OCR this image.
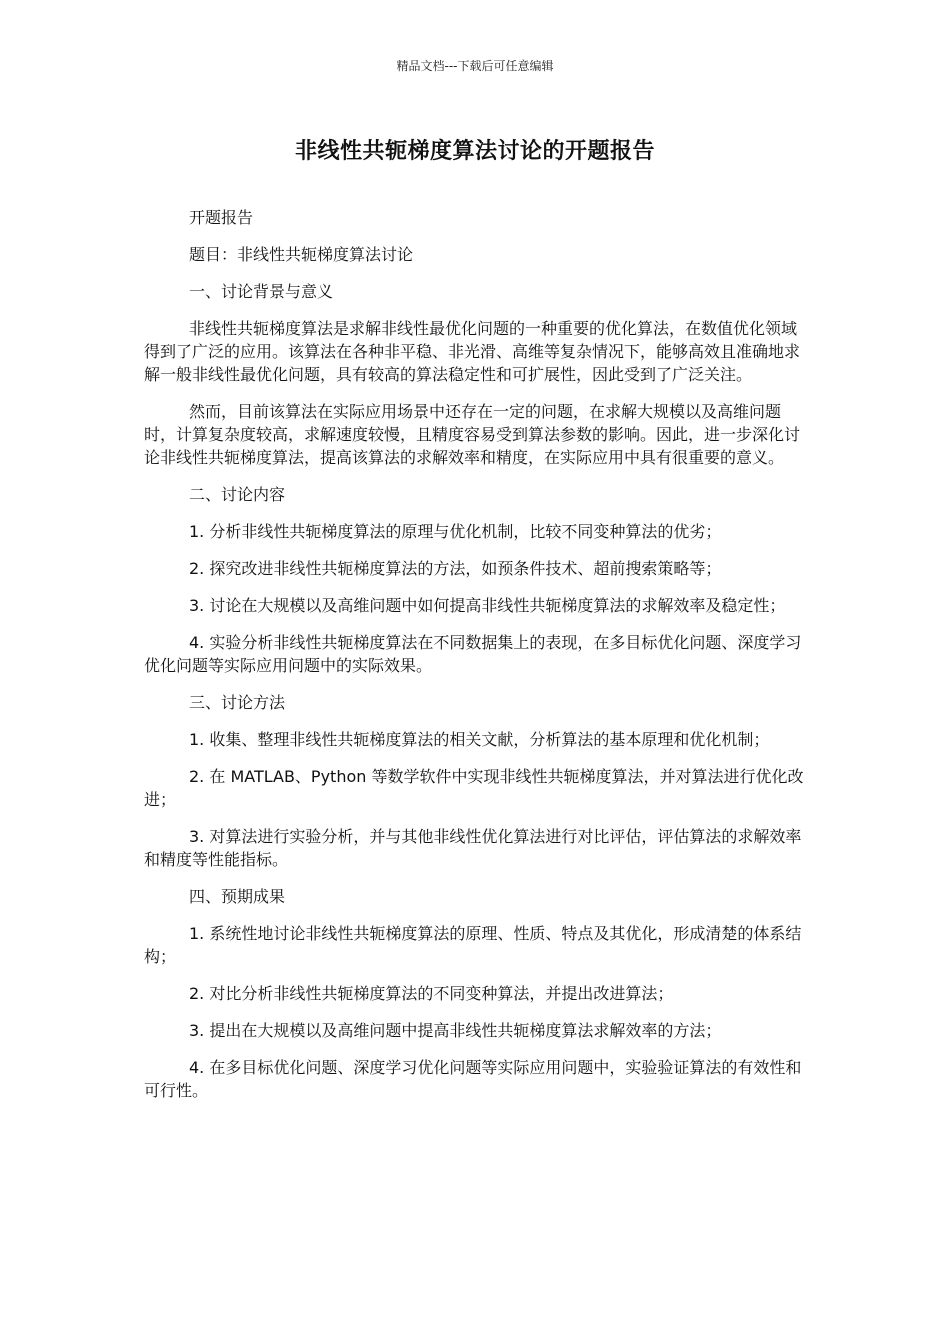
精品文档---下载后可任意编辑
非线性共轭梯度算法讨论的开题报告

开题报告

题目：非线性共轭梯度算法讨论

一、讨论背景与意义

非线性共轭梯度算法是求解非线性最优化问题的一种重要的优化算法，在数值优化领域得到了广泛的应用。该算法在各种非平稳、非光滑、高维等复杂情况下，能够高效且准确地求解一般非线性最优化问题，具有较高的算法稳定性和可扩展性，因此受到了广泛关注。

然而，目前该算法在实际应用场景中还存在一定的问题，在求解大规模以及高维问题时，计算复杂度较高，求解速度较慢，且精度容易受到算法参数的影响。因此，进一步深化讨论非线性共轭梯度算法，提高该算法的求解效率和精度，在实际应用中具有很重要的意义。

二、讨论内容

1. 分析非线性共轭梯度算法的原理与优化机制，比较不同变种算法的优劣；

2. 探究改进非线性共轭梯度算法的方法，如预条件技术、超前搜索策略等；

3. 讨论在大规模以及高维问题中如何提高非线性共轭梯度算法的求解效率及稳定性；

4. 实验分析非线性共轭梯度算法在不同数据集上的表现，在多目标优化问题、深度学习优化问题等实际应用问题中的实际效果。

三、讨论方法

1. 收集、整理非线性共轭梯度算法的相关文献，分析算法的基本原理和优化机制；

2. 在 MATLAB、Python 等数学软件中实现非线性共轭梯度算法，并对算法进行优化改进；

3. 对算法进行实验分析，并与其他非线性优化算法进行对比评估，评估算法的求解效率和精度等性能指标。

四、预期成果

1. 系统性地讨论非线性共轭梯度算法的原理、性质、特点及其优化，形成清楚的体系结构；

2. 对比分析非线性共轭梯度算法的不同变种算法，并提出改进算法；

3. 提出在大规模以及高维问题中提高非线性共轭梯度算法求解效率的方法；

4. 在多目标优化问题、深度学习优化问题等实际应用问题中，实验验证算法的有效性和可行性。
